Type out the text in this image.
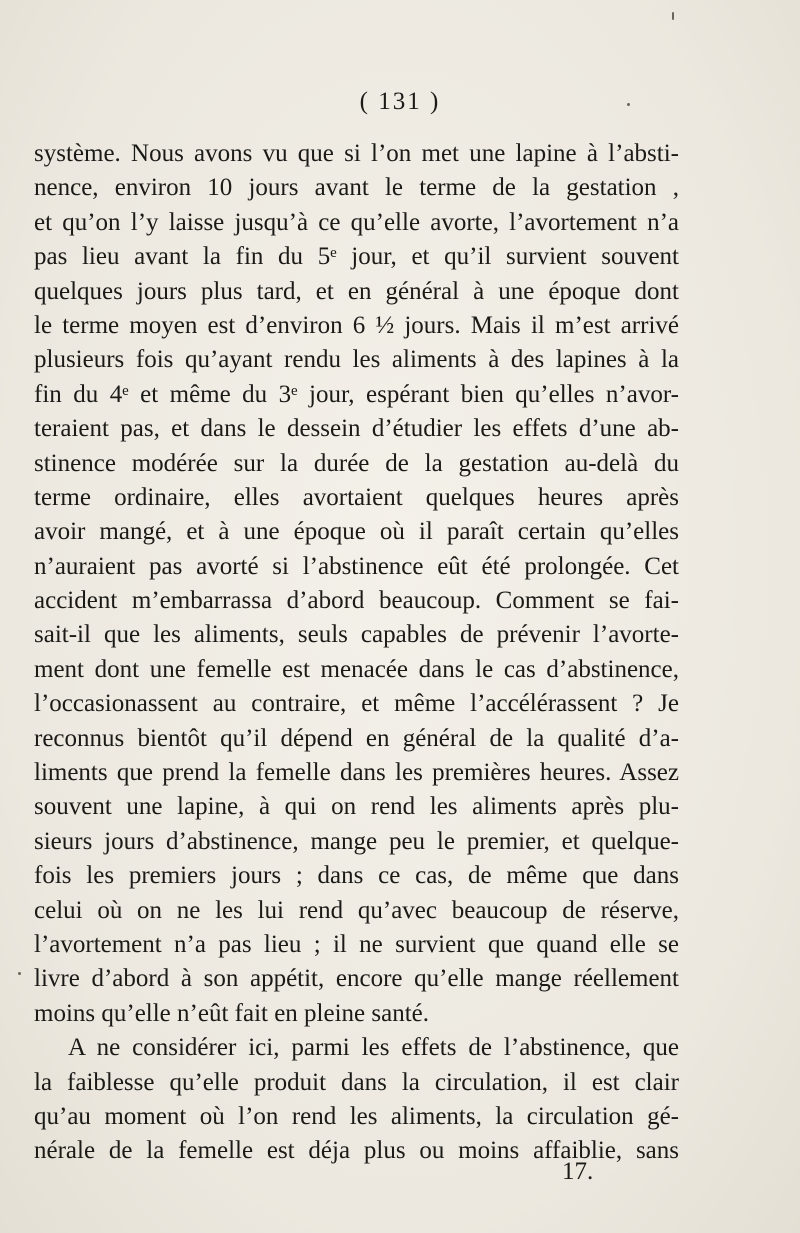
( 131 )
système. Nous avons vu que si l’on met une lapine à l’absti-
nence, environ 10 jours avant le terme de la gestation ,
et qu’on l’y laisse jusqu’à ce qu’elle avorte, l’avortement n’a
pas lieu avant la fin du 5ᵉ jour, et qu’il survient souvent
quelques jours plus tard, et en général à une époque dont
le terme moyen est d’environ 6 ½ jours. Mais il m’est arrivé
plusieurs fois qu’ayant rendu les aliments à des lapines à la
fin du 4ᵉ et même du 3ᵉ jour, espérant bien qu’elles n’avor-
teraient pas, et dans le dessein d’étudier les effets d’une ab-
stinence modérée sur la durée de la gestation au-delà du
terme ordinaire, elles avortaient quelques heures après
avoir mangé, et à une époque où il paraît certain qu’elles
n’auraient pas avorté si l’abstinence eût été prolongée. Cet
accident m’embarrassa d’abord beaucoup. Comment se fai-
sait-il que les aliments, seuls capables de prévenir l’avorte-
ment dont une femelle est menacée dans le cas d’abstinence,
l’occasionassent au contraire, et même l’accélérassent ? Je
reconnus bientôt qu’il dépend en général de la qualité d’a-
liments que prend la femelle dans les premières heures. Assez
souvent une lapine, à qui on rend les aliments après plu-
sieurs jours d’abstinence, mange peu le premier, et quelque-
fois les premiers jours ; dans ce cas, de même que dans
celui où on ne les lui rend qu’avec beaucoup de réserve,
l’avortement n’a pas lieu ; il ne survient que quand elle se
livre d’abord à son appétit, encore qu’elle mange réellement
moins qu’elle n’eût fait en pleine santé.
A ne considérer ici, parmi les effets de l’abstinence, que
la faiblesse qu’elle produit dans la circulation, il est clair
qu’au moment où l’on rend les aliments, la circulation gé-
nérale de la femelle est déja plus ou moins affaiblie, sans
17.
